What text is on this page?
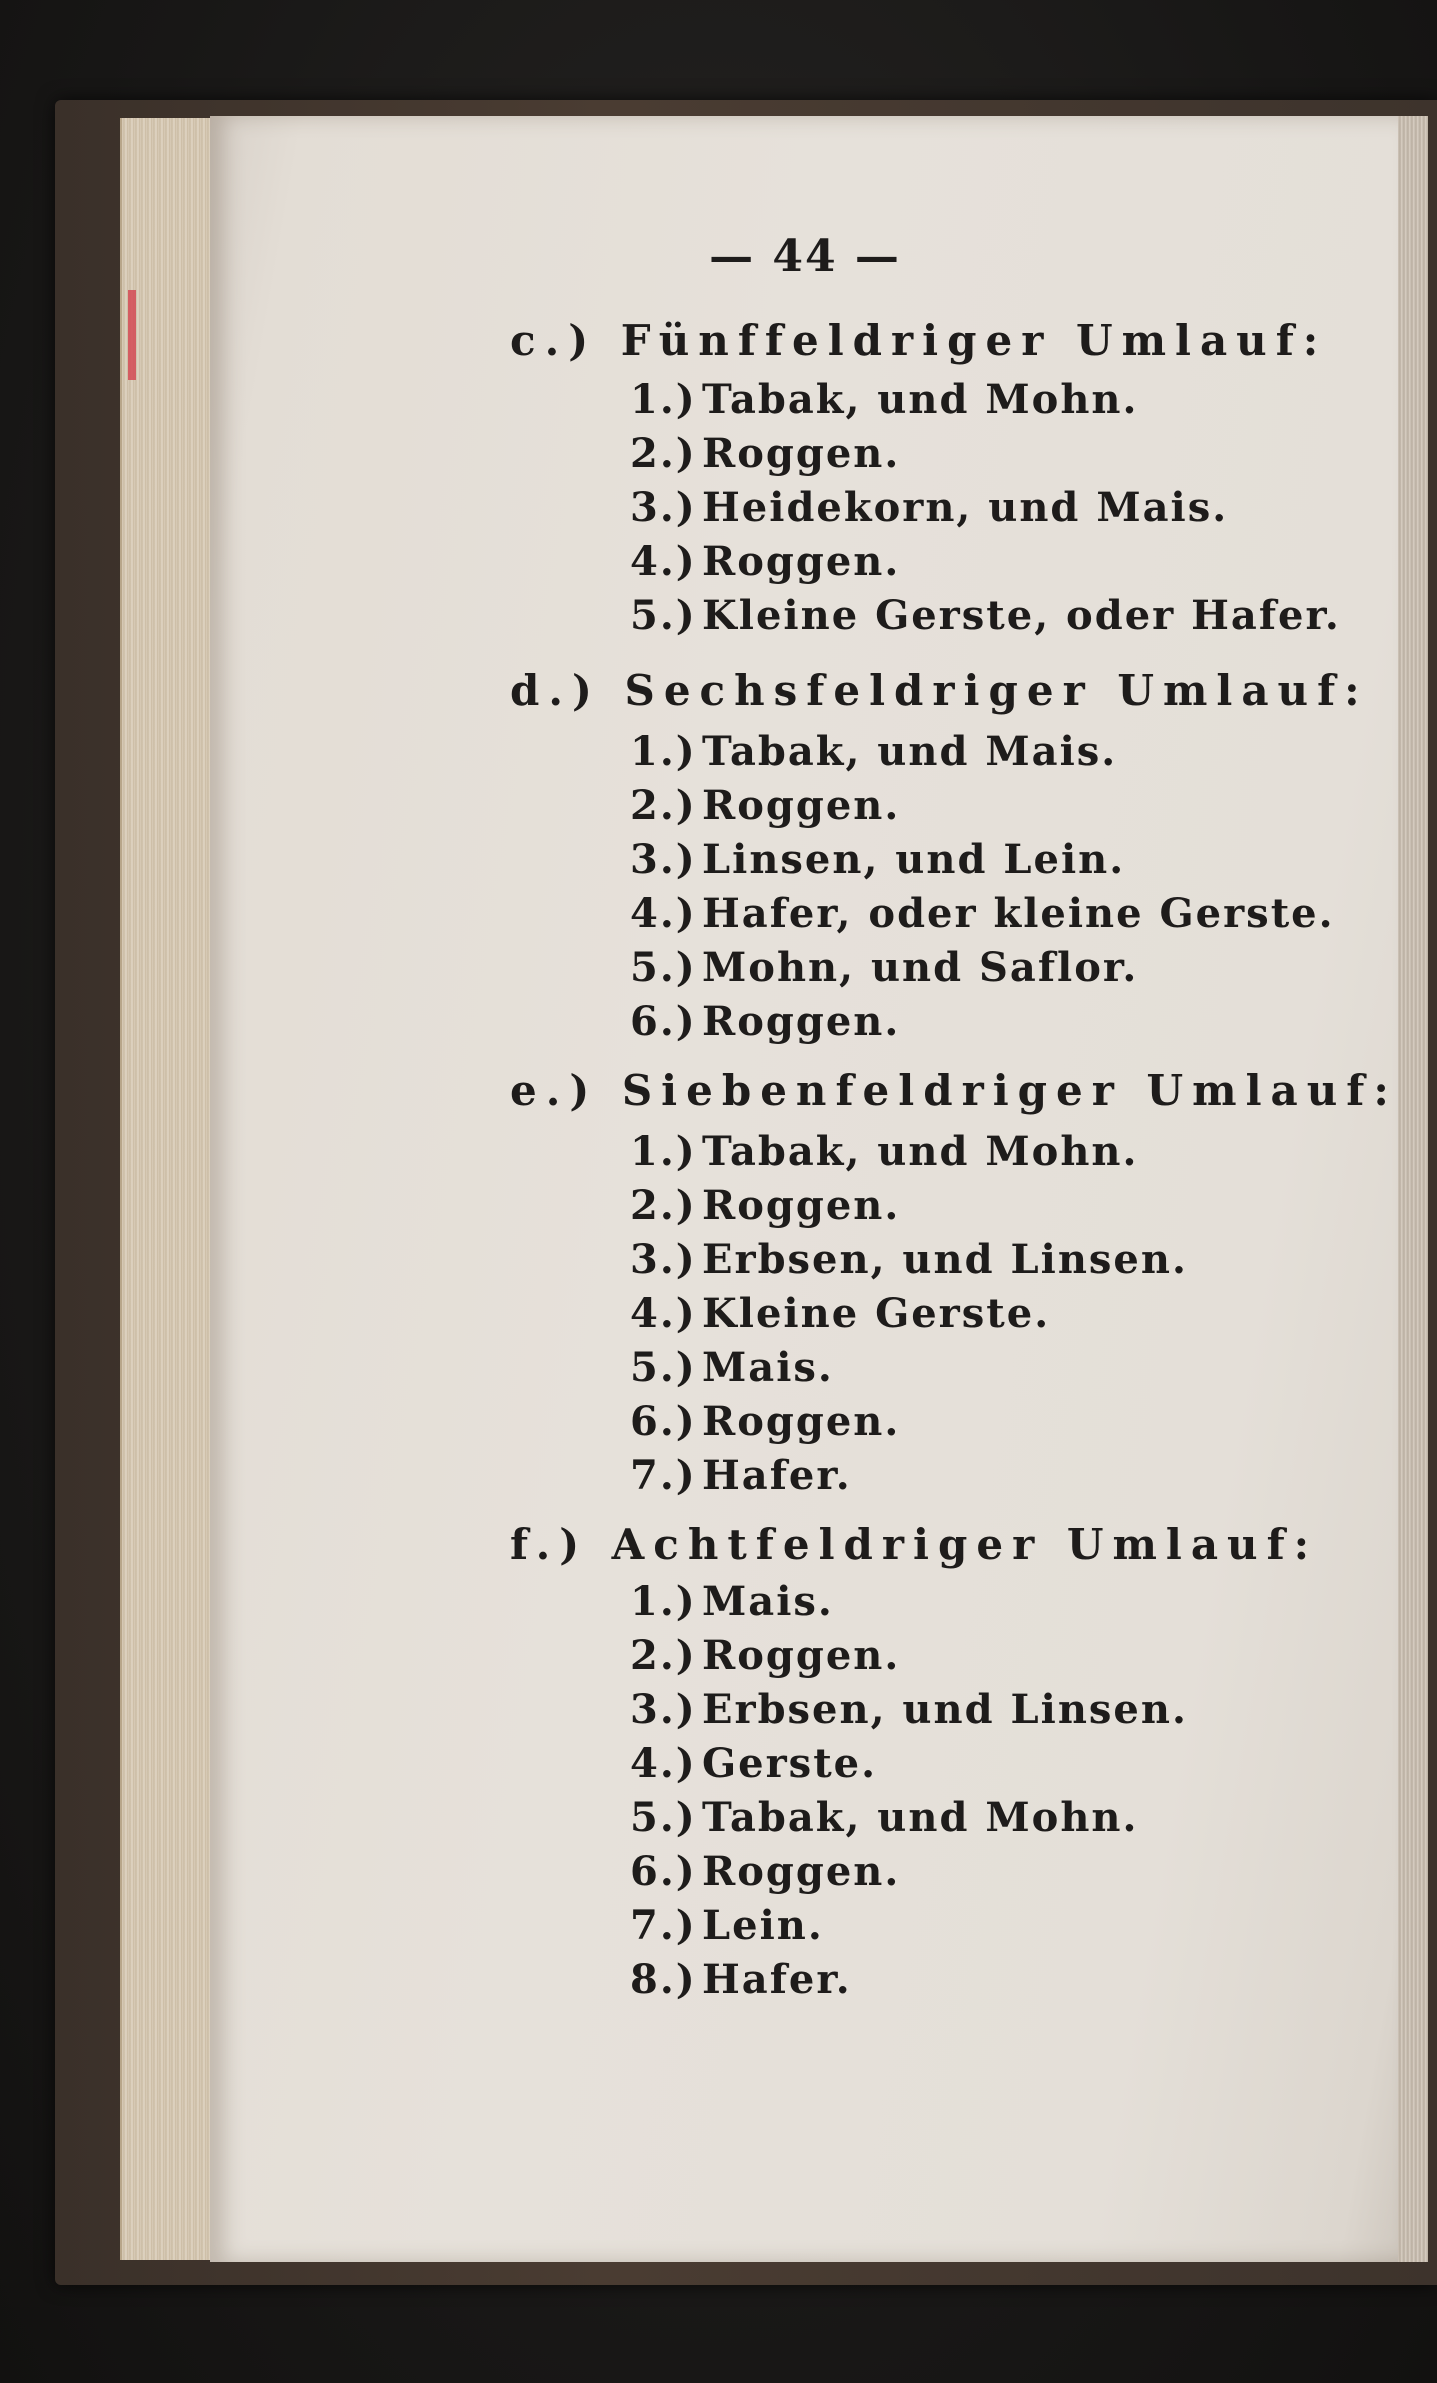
— 44 —
c.) Fünffeldriger Umlauf:
1.) Tabak, und Mohn.
2.) Roggen.
3.) Heidekorn, und Mais.
4.) Roggen.
5.) Kleine Gerste, oder Hafer.
d.) Sechsfeldriger Umlauf:
1.) Tabak, und Mais.
2.) Roggen.
3.) Linsen, und Lein.
4.) Hafer, oder kleine Gerste.
5.) Mohn, und Saflor.
6.) Roggen.
e.) Siebenfeldriger Umlauf:
1.) Tabak, und Mohn.
2.) Roggen.
3.) Erbsen, und Linsen.
4.) Kleine Gerste.
5.) Mais.
6.) Roggen.
7.) Hafer.
f.) Achtfeldriger Umlauf:
1.) Mais.
2.) Roggen.
3.) Erbsen, und Linsen.
4.) Gerste.
5.) Tabak, und Mohn.
6.) Roggen.
7.) Lein.
8.) Hafer.
